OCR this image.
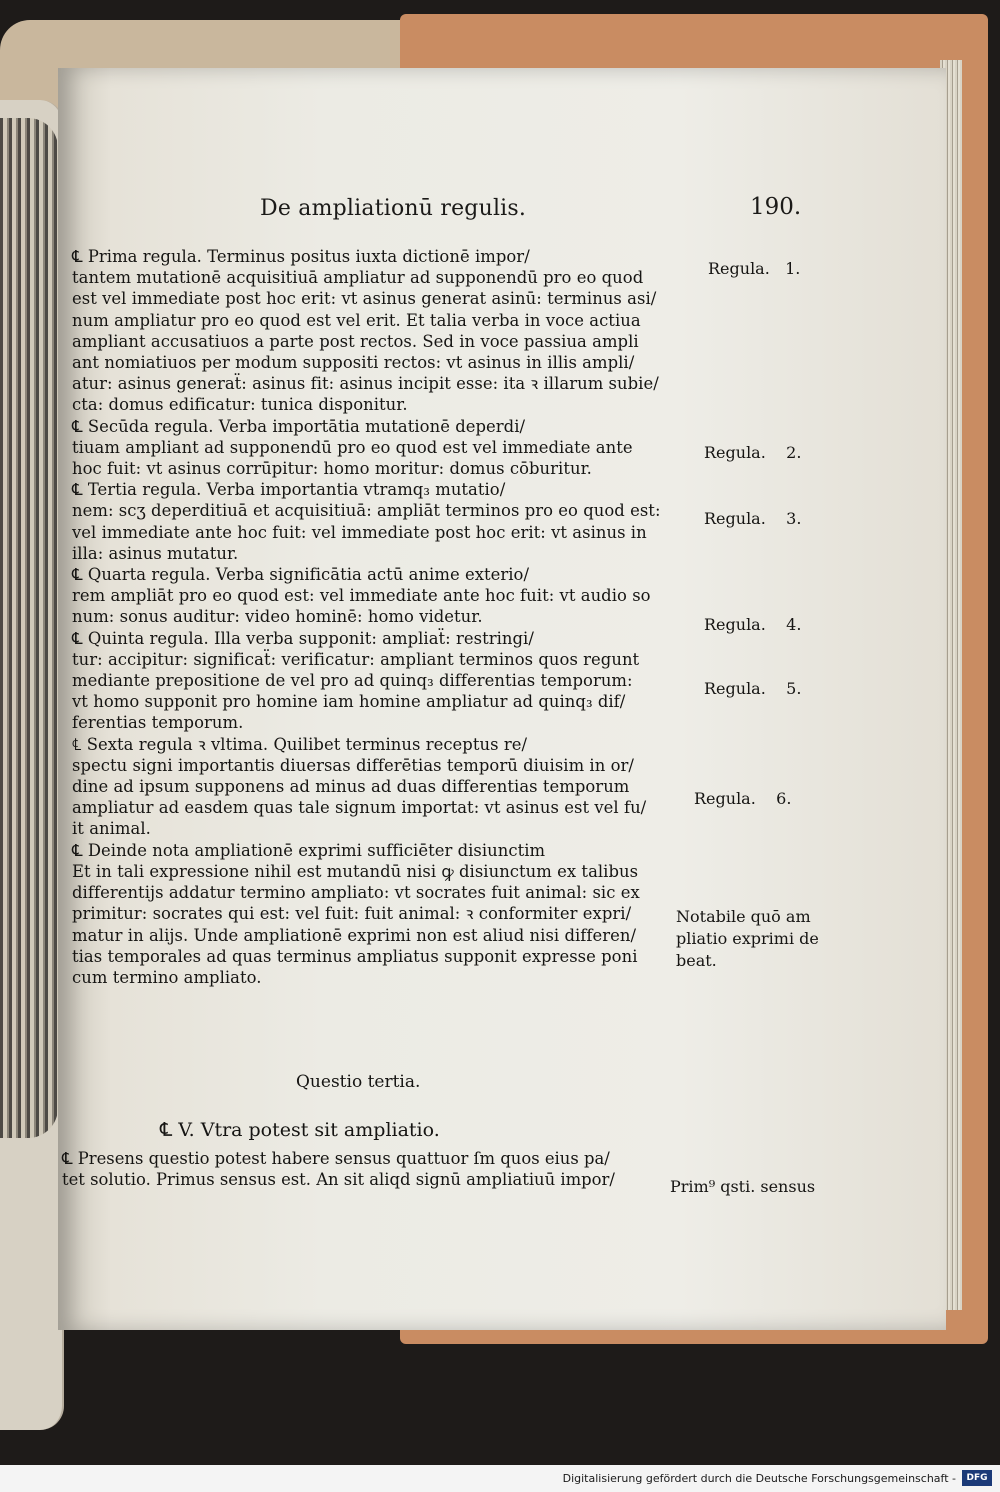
De ampliationū regulis.	190.

℄ Prima regula. Terminus positus iuxta dictionē impor/
tantem mutationē acquisitiuā ampliatur ad supponendū pro eo quod
est vel immediate post hoc erit: vt asinus generat asinū: terminus asi/
num ampliatur pro eo quod est vel erit. Et talia verba in voce actiua
ampliant accusatiuos a parte post rectos. Sed in voce passiua ampli
ant nomiatiuos per modum suppositi rectos: vt asinus in illis ampli/
atur: asinus generaẗ: asinus fit: asinus incipit esse: ita ꝛ illarum subie/
cta: domus edificatur: tunica disponitur.

℄ Secūda regula. Verba importātia mutationē deperdi/
tiuam ampliant ad supponendū pro eo quod est vel immediate ante
hoc fuit: vt asinus corrūpitur: homo moritur: domus cōburitur.

℄ Tertia regula. Verba importantia vtramq₃ mutatio/
nem: scʒ deperditiuā et acquisitiuā: ampliāt terminos pro eo quod est:
vel immediate ante hoc fuit: vel immediate post hoc erit: vt asinus in
illa: asinus mutatur.

℄ Quarta regula. Verba significātia actū anime exterio/
rem ampliāt pro eo quod est: vel immediate ante hoc fuit: vt audio so
num: sonus auditur: video hominē: homo videtur.

℄ Quinta regula. Illa verba supponit: ampliaẗ: restringi/
tur: accipitur: significaẗ: verificatur: ampliant terminos quos regunt
mediante prepositione de vel pro ad quinq₃ differentias temporum:
vt homo supponit pro homine iam homine ampliatur ad quinq₃ dif/
ferentias temporum.

℄ Sexta regula ꝛ vltima. Quilibet terminus receptus re/
spectu signi importantis diuersas differētias temporū diuisim in or/
dine ad ipsum supponens ad minus ad duas differentias temporum
ampliatur ad easdem quas tale signum importat: vt asinus est vel fu/
it animal.

℄ Deinde nota ampliationē exprimi sufficiēter disiunctim
Et in tali expressione nihil est mutandū nisi ꝙ disiunctum ex talibus
differentijs addatur termino ampliato: vt socrates fuit animal: sic ex
primitur: socrates qui est: vel fuit: fuit animal: ꝛ conformiter expri/
matur in alijs. Unde ampliationē exprimi non est aliud nisi differen/
tias temporales ad quas terminus ampliatus supponit expresse poni
cum termino ampliato.

Questio tertia.
℄ V. Vtra potest sit ampliatio.
℄ Presens questio potest habere sensus quattuor ſm quos eius pa/
tet solutio. Primus sensus est. An sit aliqd signū ampliatiuū impor/
Regula. 1.
Regula. 2.
Regula. 3.
Regula. 4.
Regula. 5.
Regula. 6.
Notabile quō am
pliatio exprimi de
beat.
Prim⁹ qsti. sensus
Digitalisierung gefördert durch die Deutsche Forschungsgemeinschaft -	DFG
